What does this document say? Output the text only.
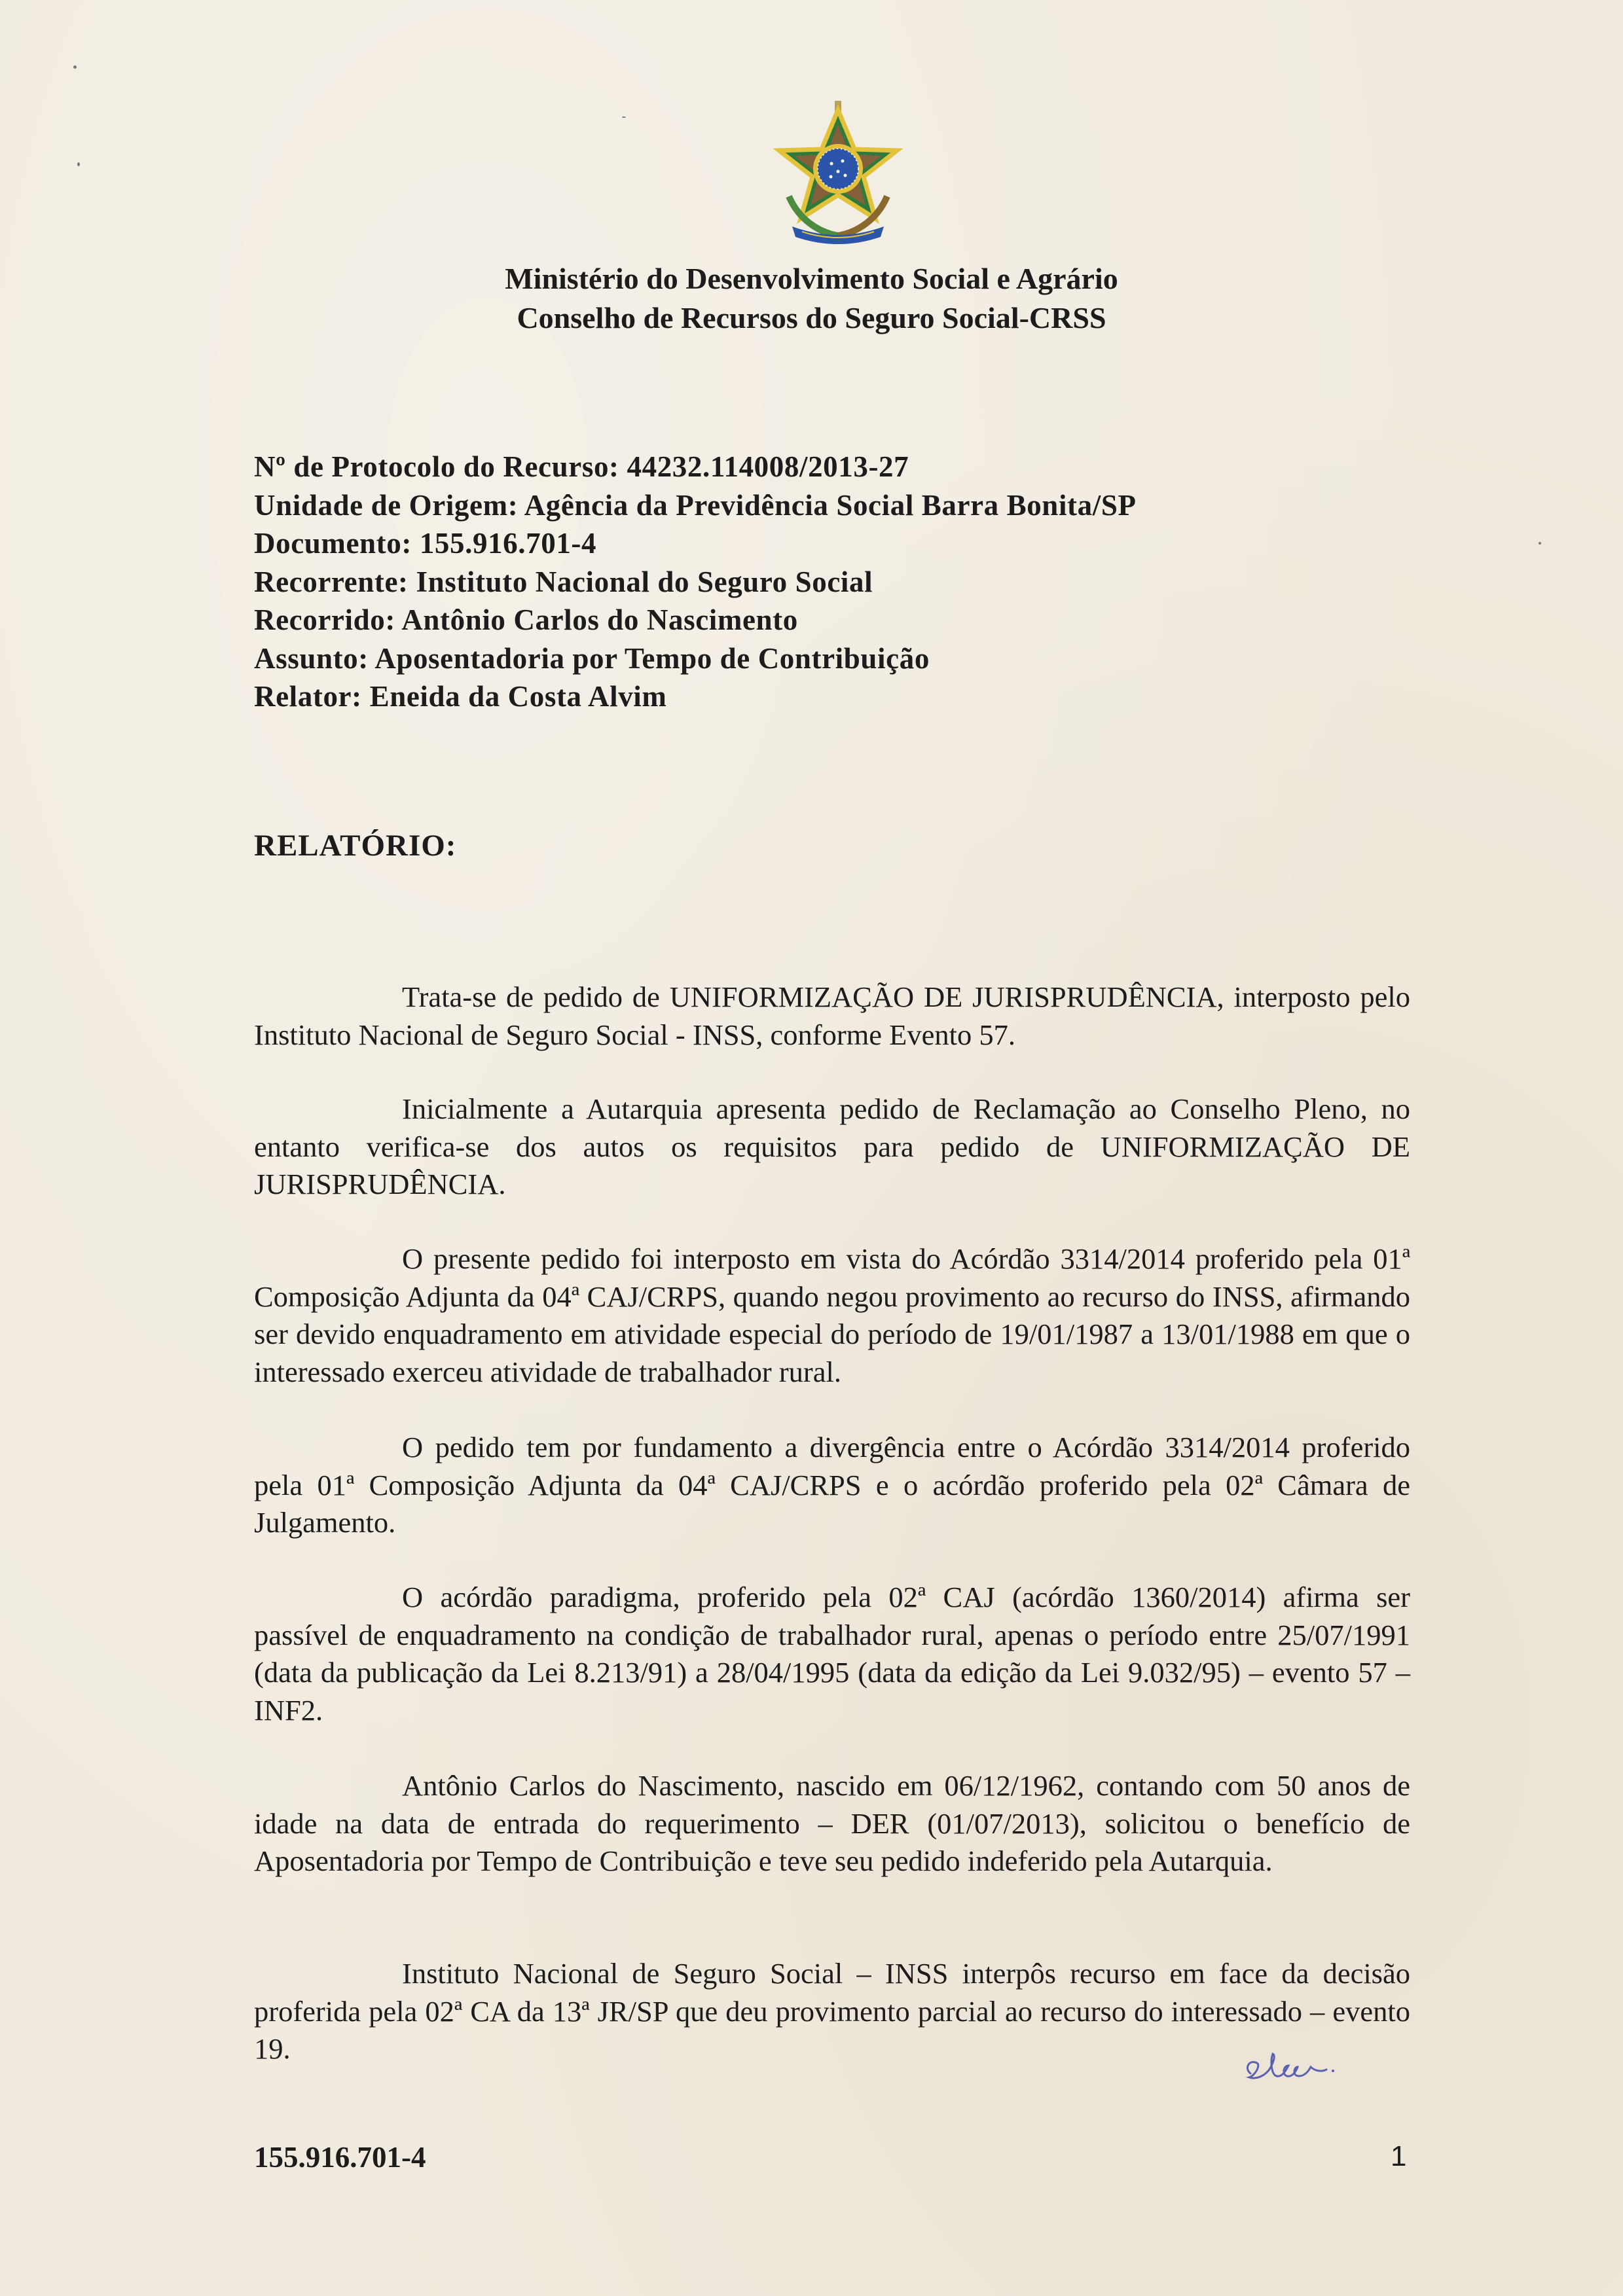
Ministério do Desenvolvimento Social e Agrário
Conselho de Recursos do Seguro Social-CRSS
Nº de Protocolo do Recurso: 44232.114008/2013-27
Unidade de Origem: Agência da Previdência Social Barra Bonita/SP
Documento: 155.916.701-4
Recorrente: Instituto Nacional do Seguro Social
Recorrido: Antônio Carlos do Nascimento
Assunto: Aposentadoria por Tempo de Contribuição
Relator: Eneida da Costa Alvim
RELATÓRIO:

Trata-se de pedido de UNIFORMIZAÇÃO DE JURISPRUDÊNCIA, interposto pelo Instituto Nacional de Seguro Social - INSS, conforme Evento 57.

Inicialmente a Autarquia apresenta pedido de Reclamação ao Conselho Pleno, no entanto verifica-se dos autos os requisitos para pedido de UNIFORMIZAÇÃO DE JURISPRUDÊNCIA.

O presente pedido foi interposto em vista do Acórdão 3314/2014 proferido pela 01ª Composição Adjunta da 04ª CAJ/CRPS, quando negou provimento ao recurso do INSS, afirmando ser devido enquadramento em atividade especial do período de 19/01/1987 a 13/01/1988 em que o interessado exerceu atividade de trabalhador rural.

O pedido tem por fundamento a divergência entre o Acórdão 3314/2014 proferido pela 01ª Composição Adjunta da 04ª CAJ/CRPS e o acórdão proferido pela 02ª Câmara de Julgamento.

O acórdão paradigma, proferido pela 02ª CAJ (acórdão 1360/2014) afirma ser passível de enquadramento na condição de trabalhador rural, apenas o período entre 25/07/1991 (data da publicação da Lei 8.213/91) a 28/04/1995 (data da edição da Lei 9.032/95) – evento 57 – INF2.

Antônio Carlos do Nascimento, nascido em 06/12/1962, contando com 50 anos de idade na data de entrada do requerimento – DER (01/07/2013), solicitou o benefício de Aposentadoria por Tempo de Contribuição e teve seu pedido indeferido pela Autarquia.

Instituto Nacional de Seguro Social – INSS interpôs recurso em face da decisão proferida pela 02ª CA da 13ª JR/SP que deu provimento parcial ao recurso do interessado – evento 19.

155.916.701-4	1
